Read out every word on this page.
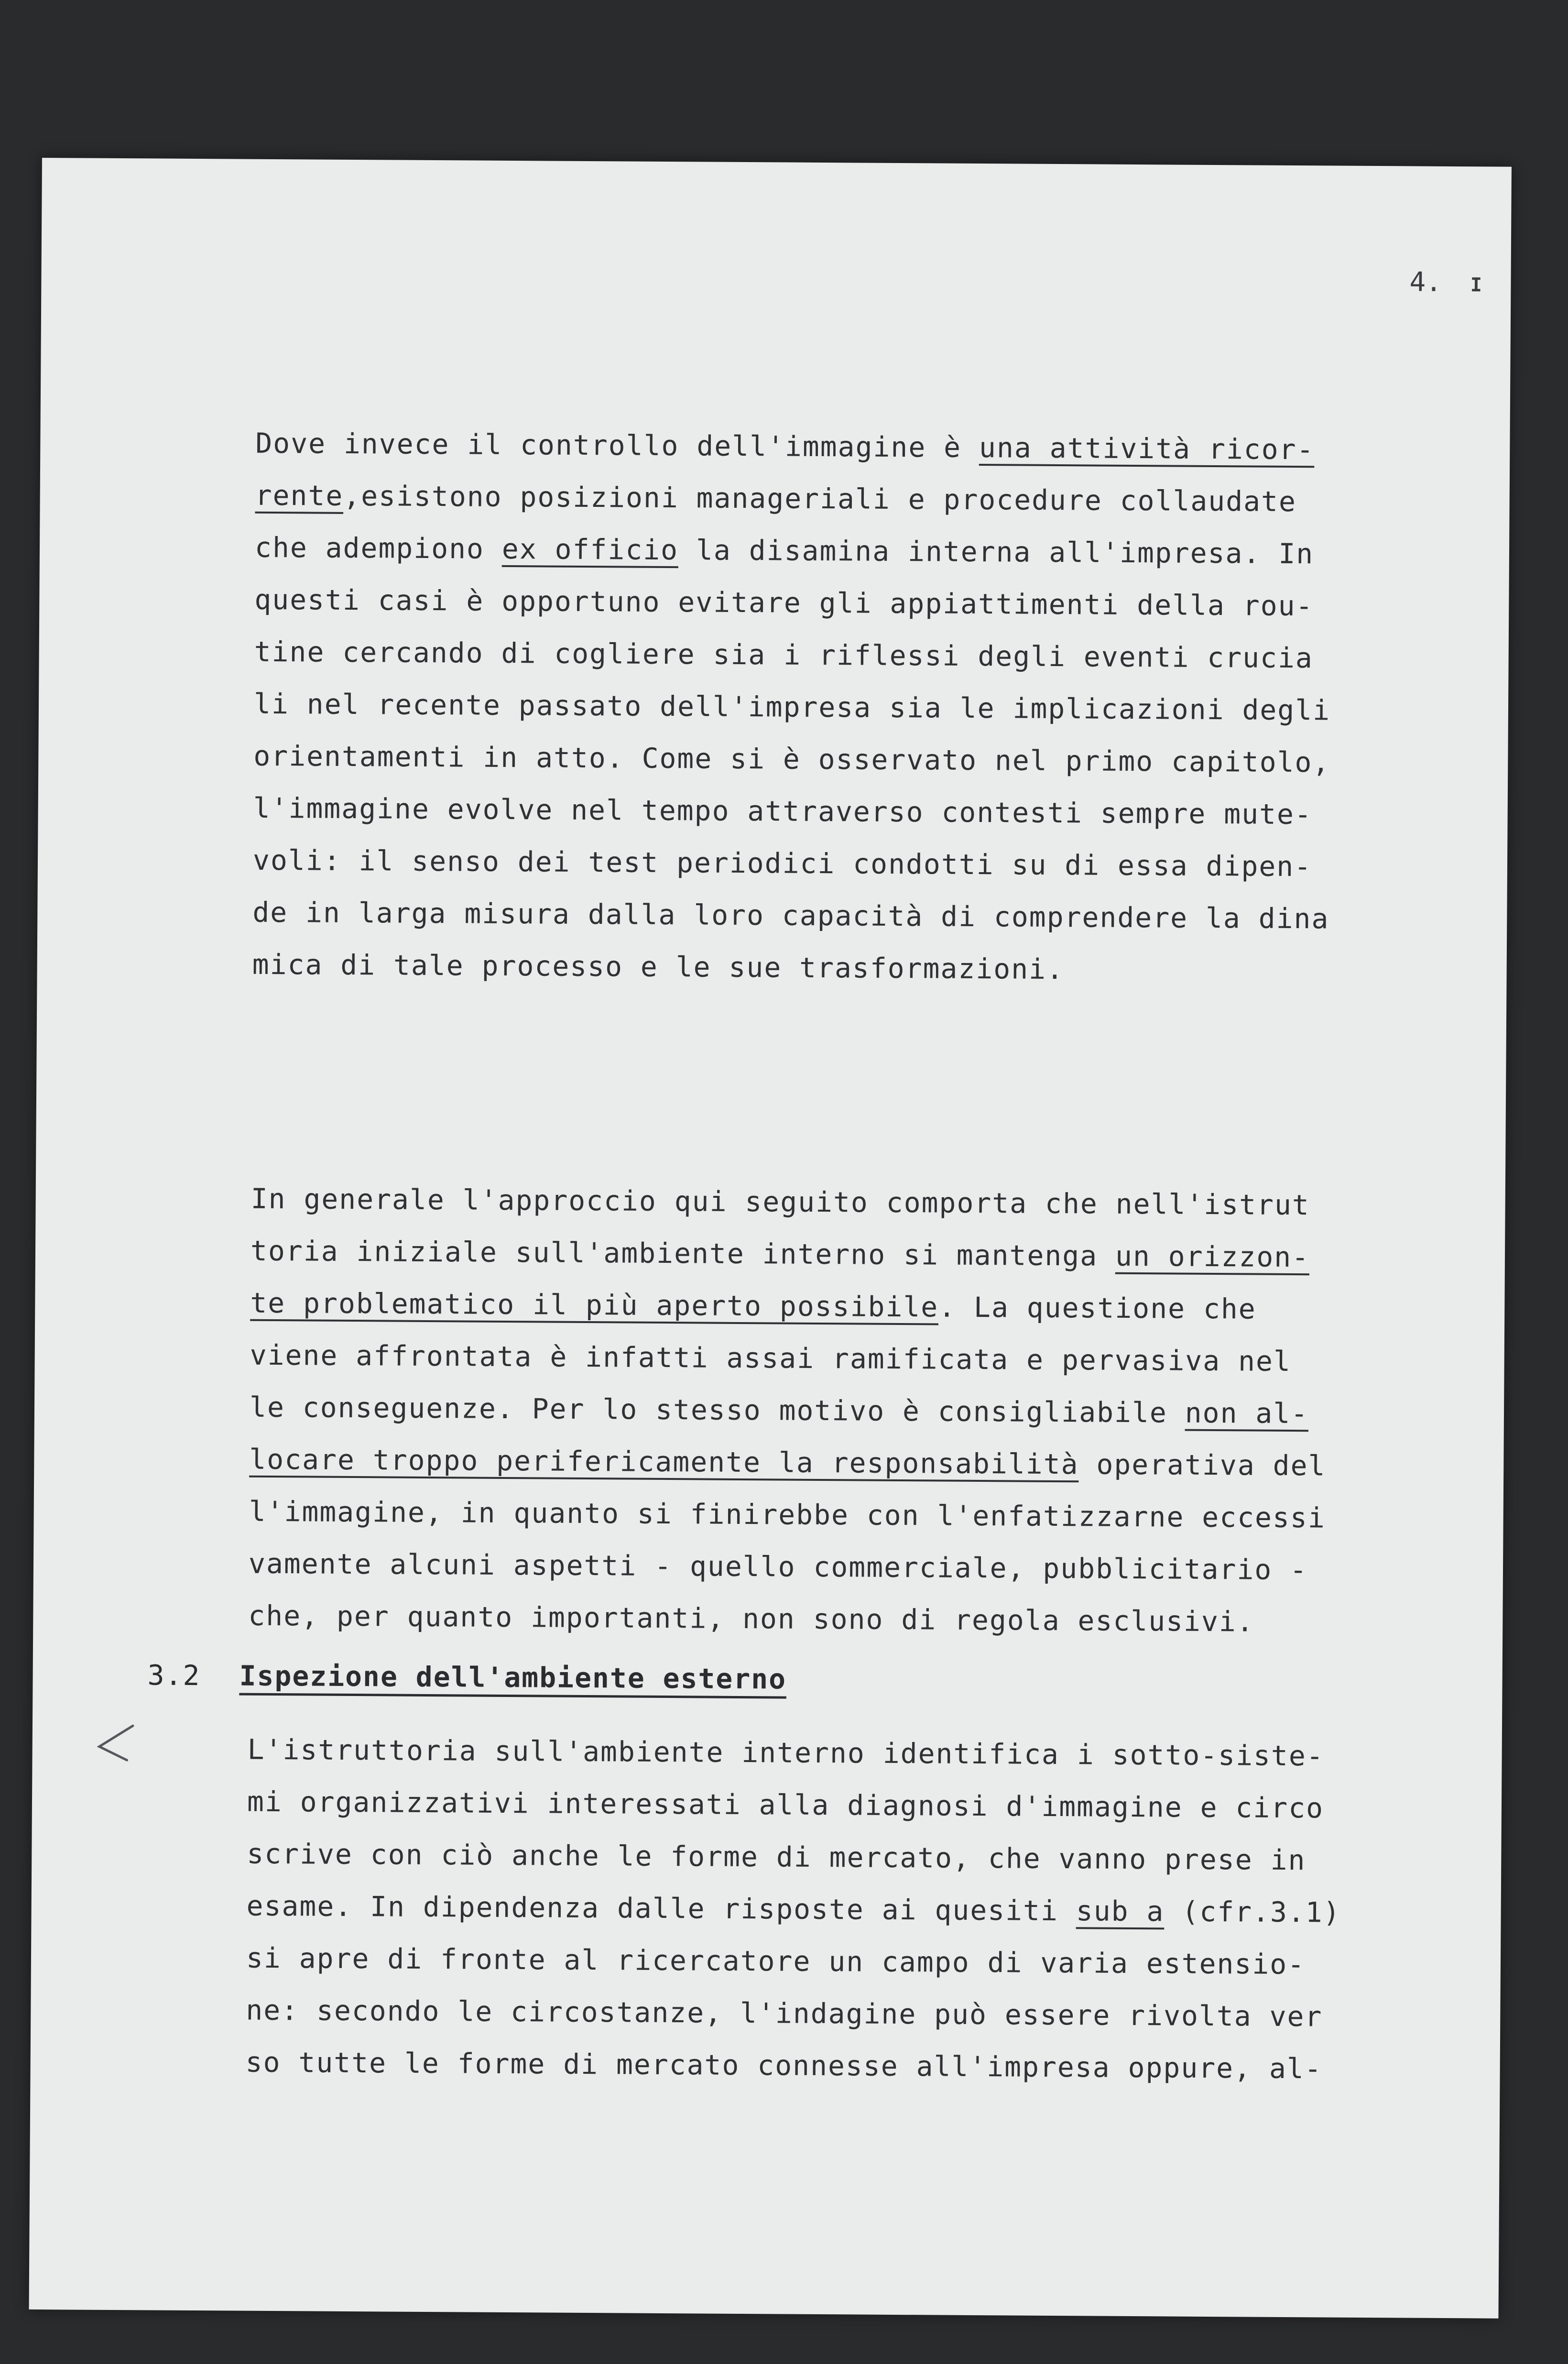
4. I
Dove invece il controllo dell'immagine è una attività ricor-
rente,esistono posizioni manageriali e procedure collaudate
che adempiono ex officio la disamina interna all'impresa. In
questi casi è opportuno evitare gli appiattimenti della rou-
tine cercando di cogliere sia i riflessi degli eventi crucia
li nel recente passato dell'impresa sia le implicazioni degli
orientamenti in atto. Come si è osservato nel primo capitolo,
l'immagine evolve nel tempo attraverso contesti sempre mute-
voli: il senso dei test periodici condotti su di essa dipen-
de in larga misura dalla loro capacità di comprendere la dina
mica di tale processo e le sue trasformazioni.
In generale l'approccio qui seguito comporta che nell'istrut
toria iniziale sull'ambiente interno si mantenga un orizzon-
te problematico il più aperto possibile. La questione che
viene affrontata è infatti assai ramificata e pervasiva nel
le conseguenze. Per lo stesso motivo è consigliabile non al-
locare troppo perifericamente la responsabilità operativa del
l'immagine, in quanto si finirebbe con l'enfatizzarne eccessi
vamente alcuni aspetti - quello commerciale, pubblicitario -
che, per quanto importanti, non sono di regola esclusivi.
3.2 Ispezione dell'ambiente esterno
L'istruttoria sull'ambiente interno identifica i sotto-siste-
mi organizzativi interessati alla diagnosi d'immagine e circo
scrive con ciò anche le forme di mercato, che vanno prese in
esame. In dipendenza dalle risposte ai quesiti sub a (cfr.3.1)
si apre di fronte al ricercatore un campo di varia estensio-
ne: secondo le circostanze, l'indagine può essere rivolta ver
so tutte le forme di mercato connesse all'impresa oppure, al-
